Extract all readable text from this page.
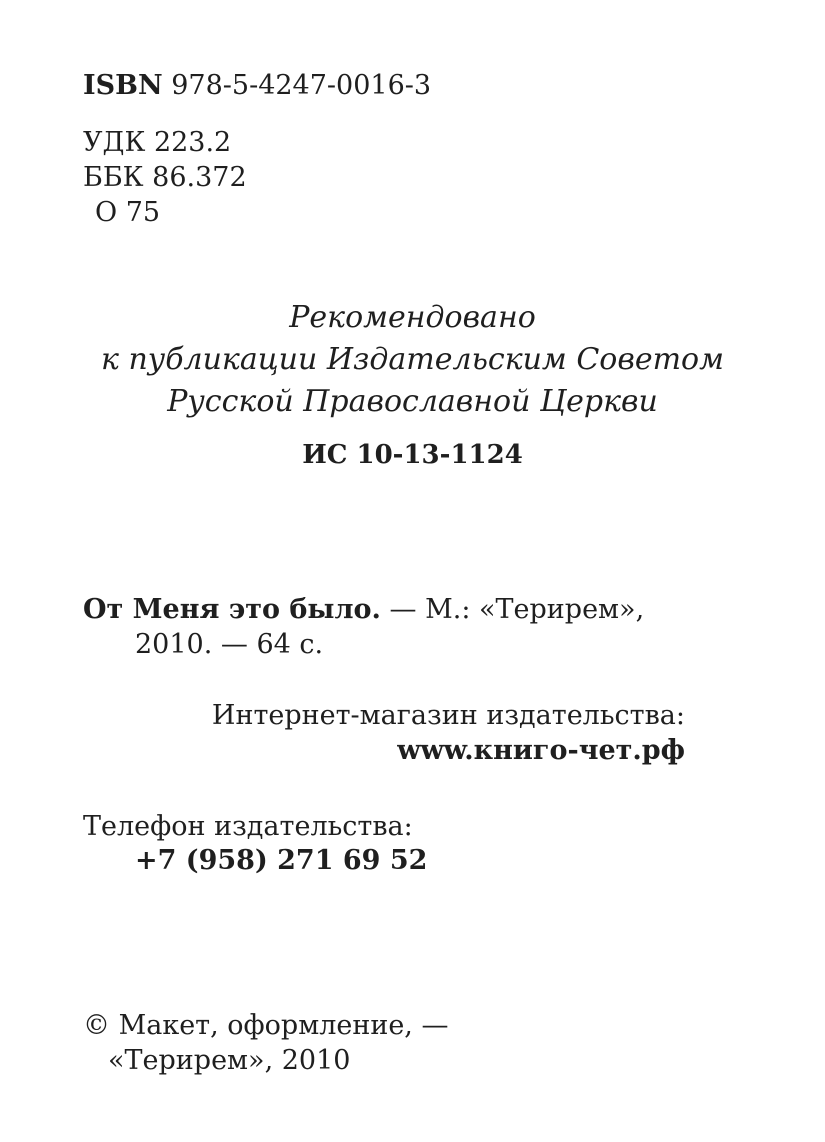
ISBN 978-5-4247-0016-3
УДК 223.2
ББК 86.372
О 75
Рекомендовано
к публикации Издательским Советом
Русской Православной Церкви
ИС 10-13-1124
От Меня это было. — М.: «Терирем»,
2010. — 64 с.
Интернет-магазин издательства:
www.книго-чет.рф
Телефон издательства:
+7 (958) 271 69 52
© Макет, оформление, —
«Терирем», 2010
